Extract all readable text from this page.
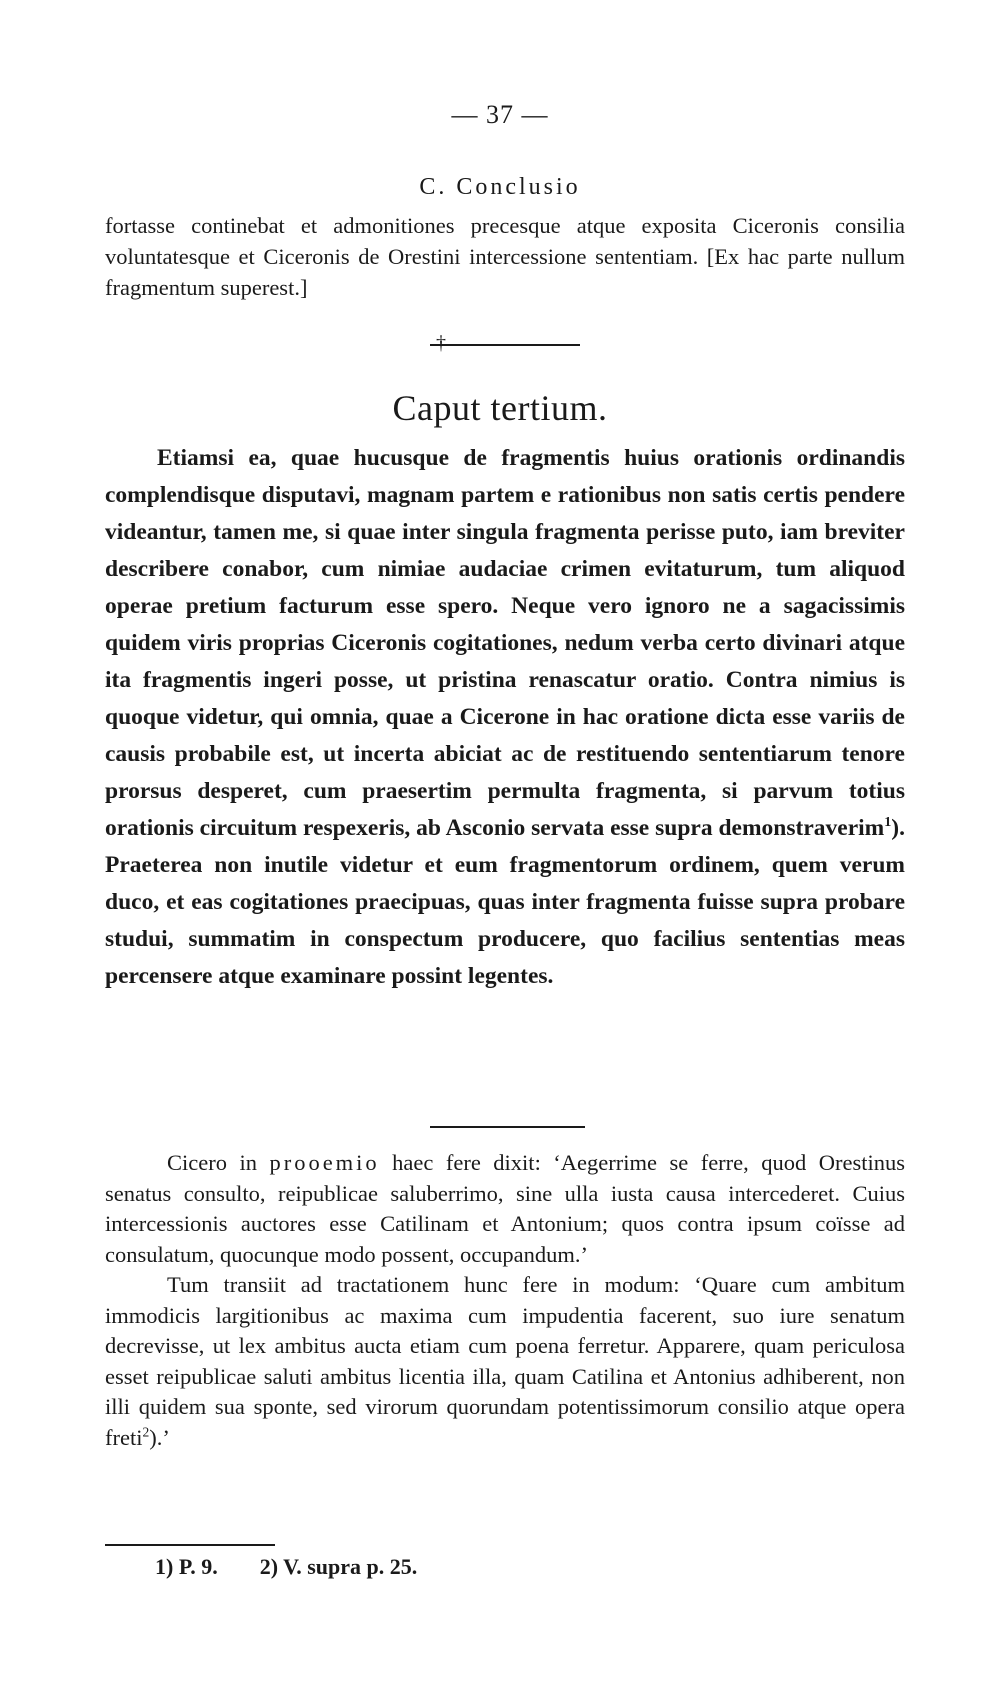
— 37 —
C. Conclusio
fortasse continebat et admonitiones precesque atque exposita Ciceronis consilia voluntatesque et Ciceronis de Orestini intercessione sententiam. [Ex hac parte nullum fragmentum superest.]
†
Caput tertium.

Etiamsi ea, quae hucusque de fragmentis huius orationis ordinandis complendisque disputavi, magnam partem e rationibus non satis certis pendere videantur, tamen me, si quae inter singula fragmenta perisse puto, iam breviter describere conabor, cum nimiae audaciae crimen evitaturum, tum aliquod operae pretium facturum esse spero. Neque vero ignoro ne a sagacissimis quidem viris proprias Ciceronis cogitationes, nedum verba certo divinari atque ita fragmentis ingeri posse, ut pristina renascatur oratio. Contra nimius is quoque videtur, qui omnia, quae a Cicerone in hac oratione dicta esse variis de causis probabile est, ut incerta abiciat ac de restituendo sententiarum tenore prorsus desperet, cum praesertim permulta fragmenta, si parvum totius orationis circuitum respexeris, ab Asconio servata esse supra demonstraverim$^1$). Praeterea non inutile videtur et eum fragmentorum ordinem, quem verum duco, et eas cogitationes praecipuas, quas inter fragmenta fuisse supra probare studui, summatim in conspectum producere, quo facilius sententias meas percensere atque examinare possint legentes.

Cicero in prooemio haec fere dixit: ‘Aegerrime se ferre, quod Orestinus senatus consulto, reipublicae saluberrimo, sine ulla iusta causa intercederet. Cuius intercessionis auctores esse Catilinam et Antonium; quos contra ipsum coïsse ad consulatum, quocunque modo possent, occupandum.’

Tum transiit ad tractationem hunc fere in modum: ‘Quare cum ambitum immodicis largitionibus ac maxima cum impudentia facerent, suo iure senatum decrevisse, ut lex ambitus aucta etiam cum poena ferretur. Apparere, quam periculosa esset reipublicae saluti ambitus licentia illa, quam Catilina et Antonius adhiberent, non illi quidem sua sponte, sed virorum quorundam potentissimorum consilio atque opera freti$^2$).’

1) P. 9. 2) V. supra p. 25.
